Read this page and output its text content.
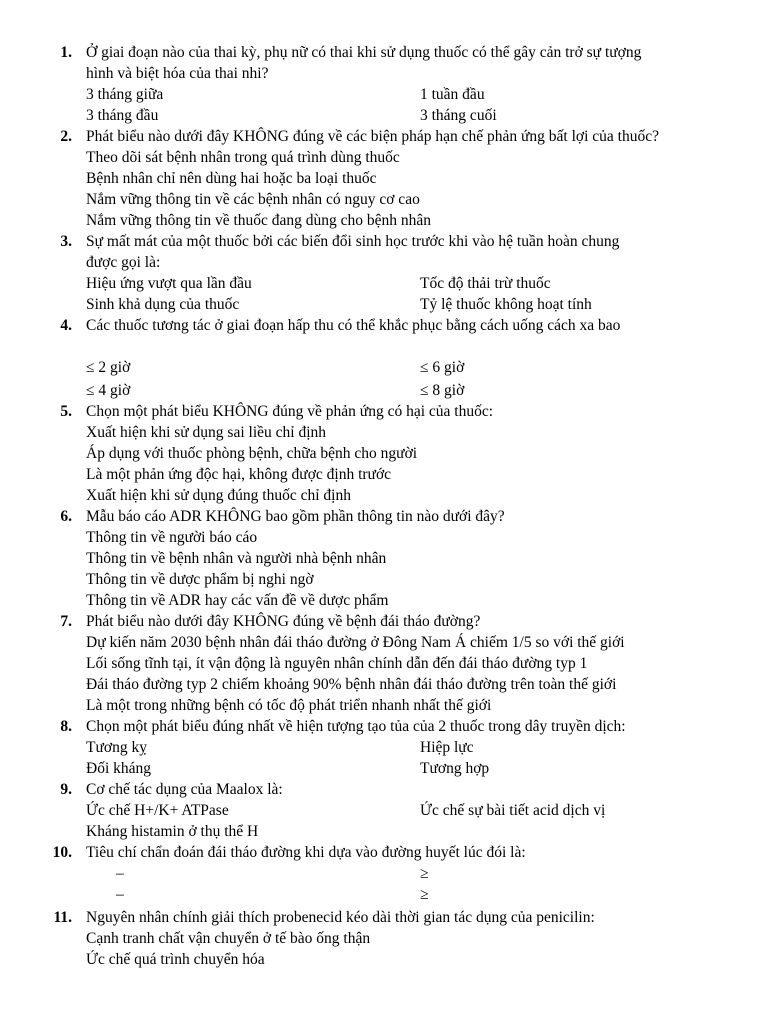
1. Ở giai đoạn nào của thai kỳ, phụ nữ có thai khi sử dụng thuốc có thể gây cản trở sự tượng
hình và biệt hóa của thai nhi?
3 tháng giữa	1 tuần đầu
3 tháng đầu	3 tháng cuối
2. Phát biểu nào dưới đây KHÔNG đúng về các biện pháp hạn chế phản ứng bất lợi của thuốc?
Theo dõi sát bệnh nhân trong quá trình dùng thuốc
Bệnh nhân chỉ nên dùng hai hoặc ba loại thuốc
Nắm vững thông tin về các bệnh nhân có nguy cơ cao
Nắm vững thông tin về thuốc đang dùng cho bệnh nhân
3. Sự mất mát của một thuốc bởi các biến đổi sinh học trước khi vào hệ tuần hoàn chung
được gọi là:
Hiệu ứng vượt qua lần đầu	Tốc độ thải trừ thuốc
Sinh khả dụng của thuốc	Tỷ lệ thuốc không hoạt tính
4. Các thuốc tương tác ở giai đoạn hấp thu có thể khắc phục bằng cách uống cách xa bao
≤ 2 giờ	≤ 6 giờ
≤ 4 giờ	≤ 8 giờ
5. Chọn một phát biểu KHÔNG đúng về phản ứng có hại của thuốc:
Xuất hiện khi sử dụng sai liều chỉ định
Áp dụng với thuốc phòng bệnh, chữa bệnh cho người
Là một phản ứng độc hại, không được định trước
Xuất hiện khi sử dụng đúng thuốc chỉ định
6. Mẫu báo cáo ADR KHÔNG bao gồm phần thông tin nào dưới đây?
Thông tin về người báo cáo
Thông tin về bệnh nhân và người nhà bệnh nhân
Thông tin về dược phẩm bị nghi ngờ
Thông tin về ADR hay các vấn đề về dược phẩm
7. Phát biểu nào dưới đây KHÔNG đúng về bệnh đái tháo đường?
Dự kiến năm 2030 bệnh nhân đái tháo đường ở Đông Nam Á chiếm 1/5 so với thế giới
Lối sống tĩnh tại, ít vận động là nguyên nhân chính dẫn đến đái tháo đường typ 1
Đái tháo đường typ 2 chiếm khoảng 90% bệnh nhân đái tháo đường trên toàn thế giới
Là một trong những bệnh có tốc độ phát triển nhanh nhất thế giới
8. Chọn một phát biểu đúng nhất về hiện tượng tạo tủa của 2 thuốc trong dây truyền dịch:
Tương kỵ	Hiệp lực
Đối kháng	Tương hợp
9. Cơ chế tác dụng của Maalox là:
Ức chế H+/K+ ATPase	Ức chế sự bài tiết acid dịch vị
Kháng histamin ở thụ thể H
10. Tiêu chí chẩn đoán đái tháo đường khi dựa vào đường huyết lúc đói là:
–	≥
–	≥
11. Nguyên nhân chính giải thích probenecid kéo dài thời gian tác dụng của penicilin:
Cạnh tranh chất vận chuyển ở tế bào ống thận
Ức chế quá trình chuyển hóa
